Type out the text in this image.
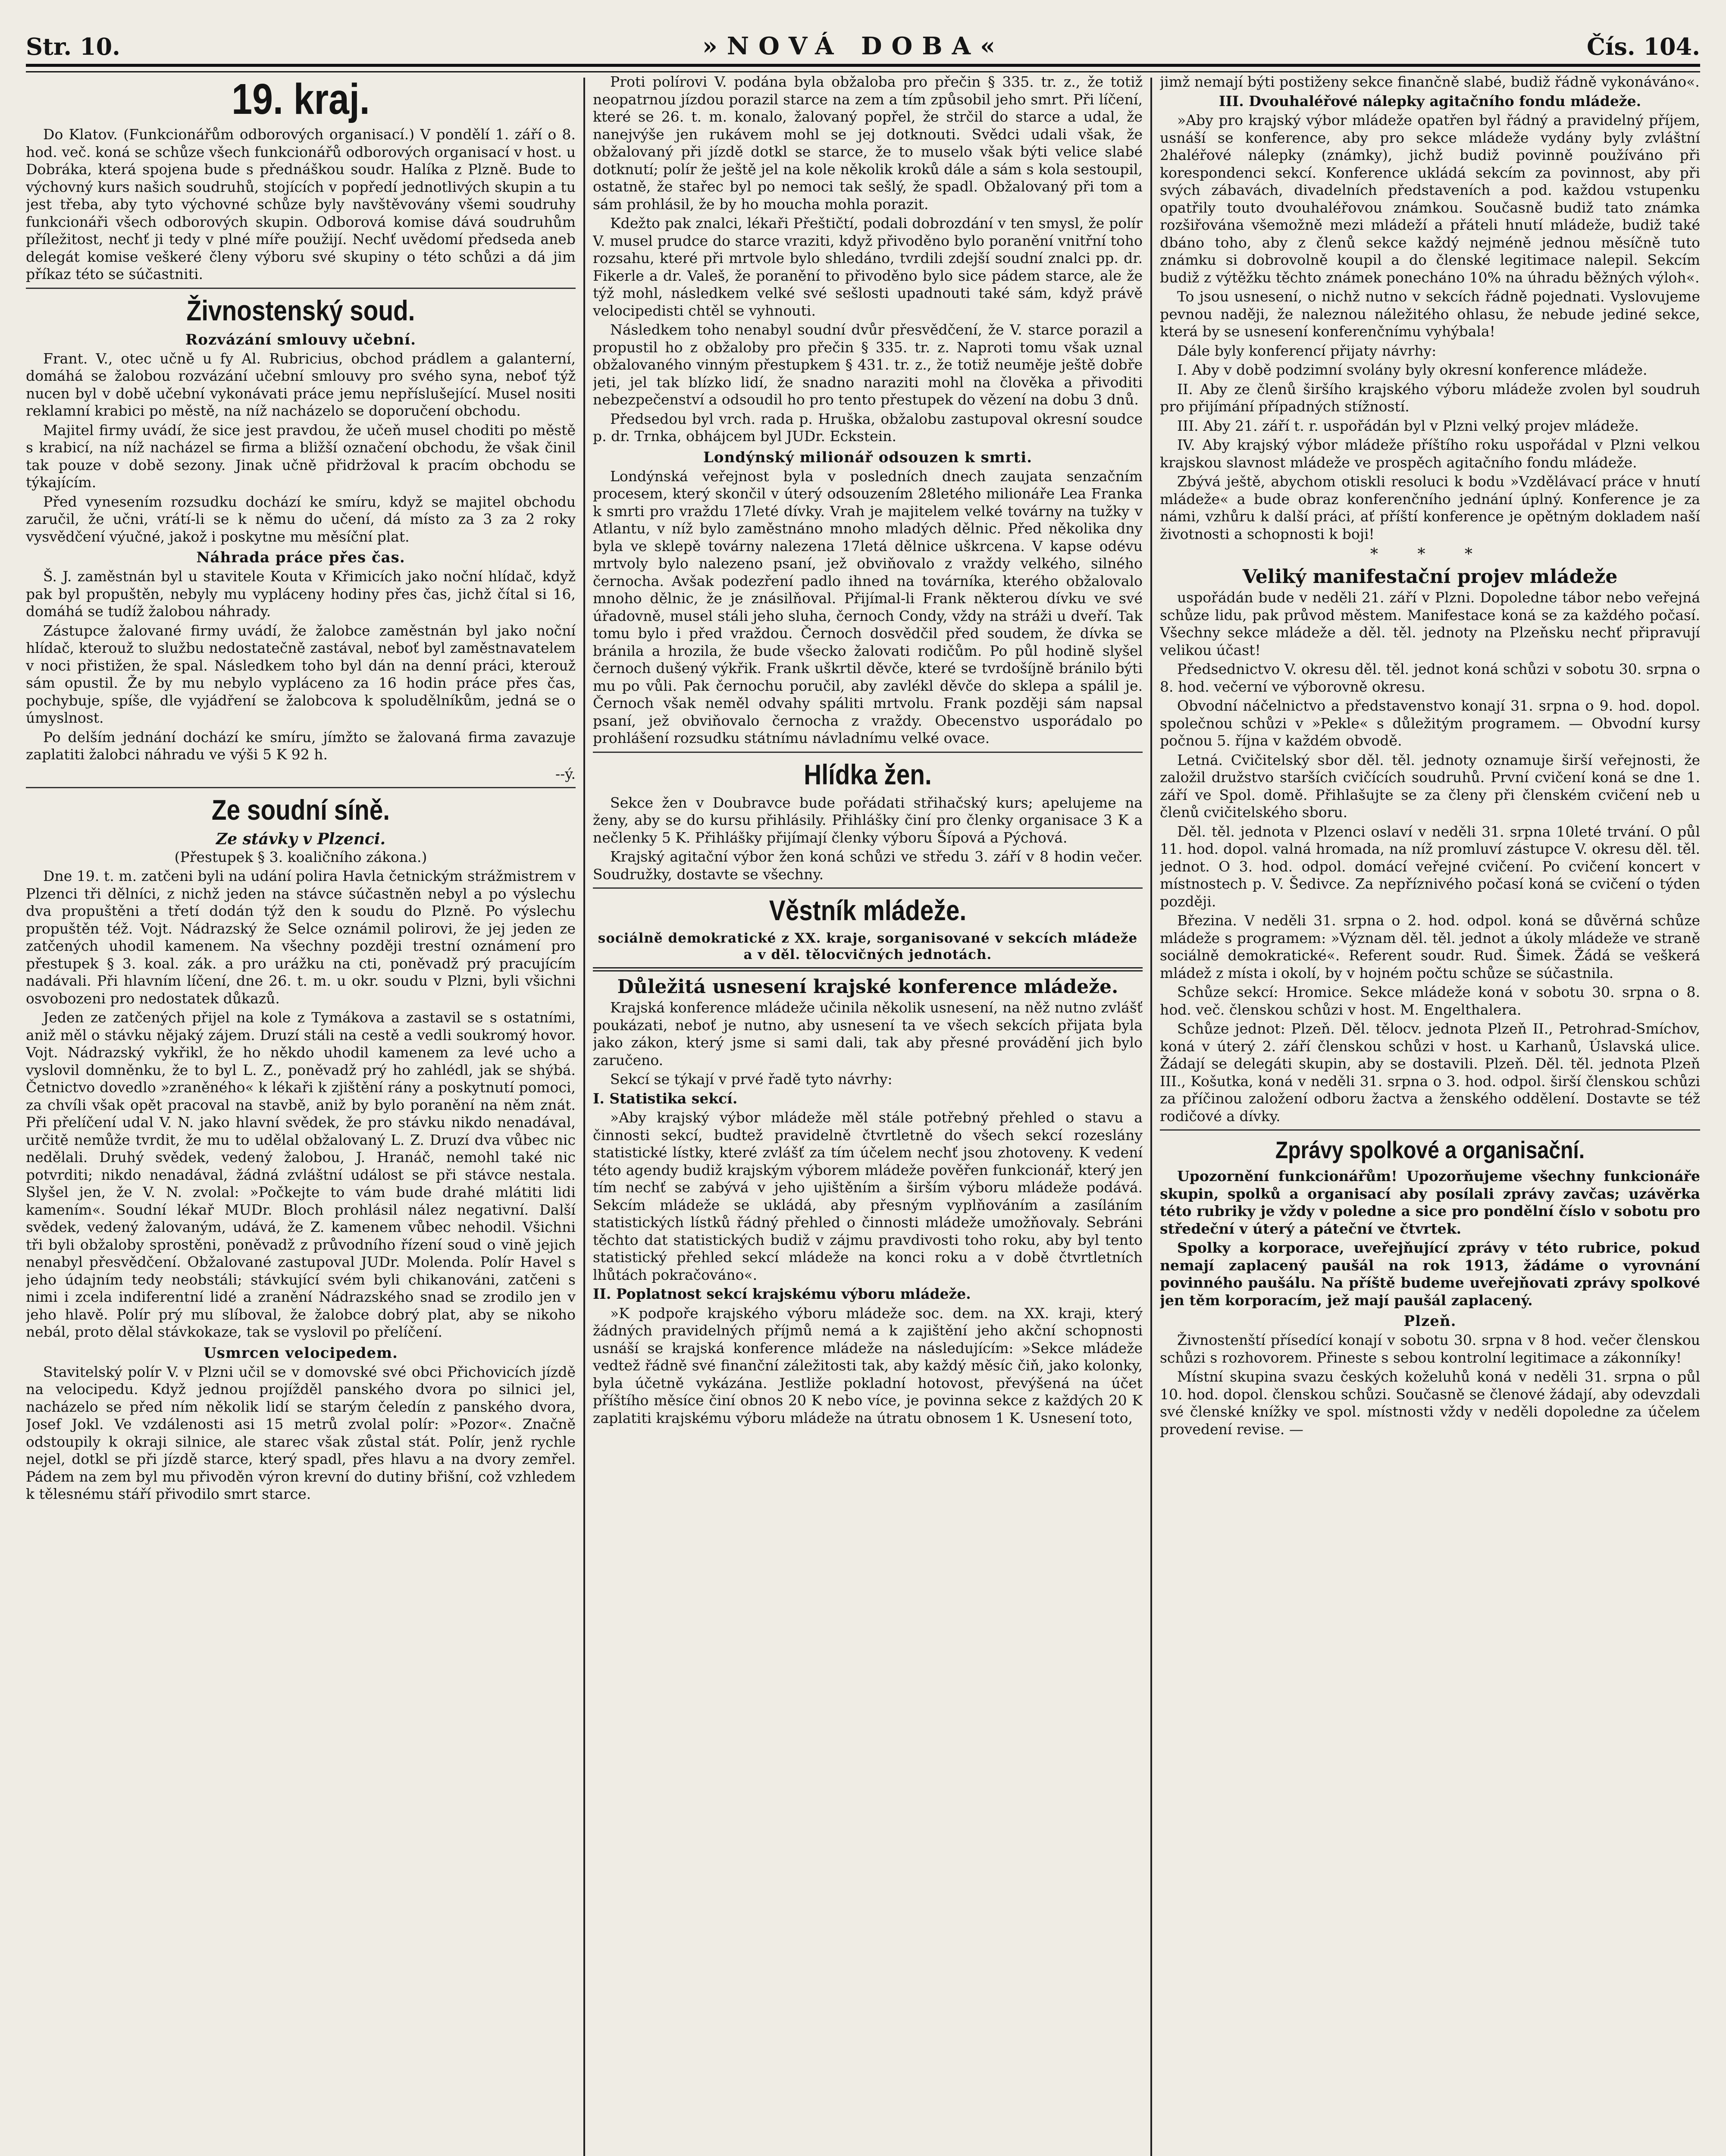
Str. 10.	»NOVÁ DOBA«	Čís. 104.
19. kraj.

Do Klatov. (Funkcionářům odborových organisací.) V pondělí 1. září o 8. hod. več. koná se schůze všech funkcionářů odborových organisací v host. u Dobráka, která spojena bude s přednáškou soudr. Halíka z Plzně. Bude to výchovný kurs našich soudruhů, stojících v popředí jednotlivých skupin a tu jest třeba, aby tyto výchovné schůze byly navštěvovány všemi soudruhy funkcionáři všech odborových skupin. Odborová komise dává soudruhům příležitost, nechť ji tedy v plné míře použijí. Nechť uvědomí předseda aneb delegát komise veškeré členy výboru své skupiny o této schůzi a dá jim příkaz této se súčastniti.

Živnostenský soud.
Rozvázání smlouvy učební.

Frant. V., otec učně u fy Al. Rubricius, obchod prádlem a galanterní, domáhá se žalobou rozvázání učební smlouvy pro svého syna, neboť týž nucen byl v době učební vykonávati práce jemu nepříslušející. Musel nositi reklamní krabici po městě, na níž nacházelo se doporučení obchodu.

Majitel firmy uvádí, že sice jest pravdou, že učeň musel choditi po městě s krabicí, na níž nacházel se firma a bližší označení obchodu, že však činil tak pouze v době sezony. Jinak učně přidržoval k pracím obchodu se týkajícím.

Před vynesením rozsudku dochází ke smíru, když se majitel obchodu zaručil, že učni, vrátí-li se k němu do učení, dá místo za 3 za 2 roky vysvědčení výučné, jakož i poskytne mu měsíční plat.

Náhrada práce přes čas.

Š. J. zaměstnán byl u stavitele Kouta v Křimicích jako noční hlídač, když pak byl propuštěn, nebyly mu vypláceny hodiny přes čas, jichž čítal si 16, domáhá se tudíž žalobou náhrady.

Zástupce žalované firmy uvádí, že žalobce zaměstnán byl jako noční hlídač, kterouž to službu nedostatečně zastával, neboť byl zaměstnavatelem v noci přistižen, že spal. Následkem toho byl dán na denní práci, kterouž sám opustil. Že by mu nebylo vypláceno za 16 hodin práce přes čas, pochybuje, spíše, dle vyjádření se žalobcova k spoludělníkům, jedná se o úmyslnost.

Po delším jednání dochází ke smíru, jímžto se žalovaná firma zavazuje zaplatiti žalobci náhradu ve výši 5 K 92 h.

--ý.

Ze soudní síně.
Ze stávky v Plzenci.
(Přestupek § 3. koaličního zákona.)

Dne 19. t. m. zatčeni byli na udání polira Havla četnickým strážmistrem v Plzenci tři dělníci, z nichž jeden na stávce súčastněn nebyl a po výslechu dva propuštěni a třetí dodán týž den k soudu do Plzně. Po výslechu propuštěn též. Vojt. Nádrazský že Selce oznámil polirovi, že jej jeden ze zatčených uhodil kamenem. Na všechny později trestní oznámení pro přestupek § 3. koal. zák. a pro urážku na cti, poněvadž prý pracujícím nadávali. Při hlavním líčení, dne 26. t. m. u okr. soudu v Plzni, byli všichni osvobozeni pro nedostatek důkazů.

Jeden ze zatčených přijel na kole z Tymákova a zastavil se s ostatními, aniž měl o stávku nějaký zájem. Druzí stáli na cestě a vedli soukromý hovor. Vojt. Nádrazský vykřikl, že ho někdo uhodil kamenem za levé ucho a vyslovil domněnku, že to byl L. Z., poněvadž prý ho zahlédl, jak se shýbá. Četnictvo dovedlo »zraněného« k lékaři k zjištění rány a poskytnutí pomoci, za chvíli však opět pracoval na stavbě, aniž by bylo poranění na něm znát. Při přelíčení udal V. N. jako hlavní svědek, že pro stávku nikdo nenadával, určitě nemůže tvrdit, že mu to udělal obžalovaný L. Z. Druzí dva vůbec nic nedělali. Druhý svědek, vedený žalobou, J. Hranáč, nemohl také nic potvrditi; nikdo nenadával, žádná zvláštní událost se při stávce nestala. Slyšel jen, že V. N. zvolal: »Počkejte to vám bude drahé mlátiti lidi kamením«. Soudní lékař MUDr. Bloch prohlásil nález negativní. Další svědek, vedený žalovaným, udává, že Z. kamenem vůbec nehodil. Všichni tři byli obžaloby sprostěni, poněvadž z průvodního řízení soud o vině jejich nenabyl přesvědčení. Obžalované zastupoval JUDr. Molenda. Polír Havel s jeho údajním tedy neobstáli; stávkující svém byli chikanováni, zatčeni s nimi i zcela indiferentní lidé a zranění Nádrazského snad se zrodilo jen v jeho hlavě. Polír prý mu slíboval, že žalobce dobrý plat, aby se nikoho nebál, proto dělal stávkokaze, tak se vyslovil po přelíčení.

Usmrcen velocipedem.

Stavitelský polír V. v Plzni učil se v domovské své obci Přichovicích jízdě na velocipedu. Když jednou projížděl panského dvora po silnici jel, nacházelo se před ním několik lidí se starým čeledín z panského dvora, Josef Jokl. Ve vzdálenosti asi 15 metrů zvolal polír: »Pozor«. Značně odstoupily k okraji silnice, ale starec však zůstal stát. Polír, jenž rychle nejel, dotkl se při jízdě starce, který spadl, přes hlavu a na dvory zemřel. Pádem na zem byl mu přivoděn výron krevní do dutiny břišní, což vzhledem k tělesnému stáří přivodilo smrt starce.

Proti polírovi V. podána byla obžaloba pro přečin § 335. tr. z., že totiž neopatrnou jízdou porazil starce na zem a tím způsobil jeho smrt. Při líčení, které se 26. t. m. konalo, žalovaný popřel, že strčil do starce a udal, že nanejvýše jen rukávem mohl se jej dotknouti. Svědci udali však, že obžalovaný při jízdě dotkl se starce, že to muselo však býti velice slabé dotknutí; polír že ještě jel na kole několik kroků dále a sám s kola sestoupil, ostatně, že stařec byl po nemoci tak sešlý, že spadl. Obžalovaný při tom a sám prohlásil, že by ho moucha mohla porazit.

Kdežto pak znalci, lékaři Přeštičtí, podali dobrozdání v ten smysl, že polír V. musel prudce do starce vraziti, když přivoděno bylo poranění vnitřní toho rozsahu, které při mrtvole bylo shledáno, tvrdili zdejší soudní znalci pp. dr. Fikerle a dr. Valeš, že poranění to přivoděno bylo sice pádem starce, ale že týž mohl, následkem velké své sešlosti upadnouti také sám, když právě velocipedisti chtěl se vyhnouti.

Následkem toho nenabyl soudní dvůr přesvědčení, že V. starce porazil a propustil ho z obžaloby pro přečin § 335. tr. z. Naproti tomu však uznal obžalovaného vinným přestupkem § 431. tr. z., že totiž neuměje ještě dobře jeti, jel tak blízko lidí, že snadno naraziti mohl na člověka a přivoditi nebezpečenství a odsoudil ho pro tento přestupek do vězení na dobu 3 dnů.

Předsedou byl vrch. rada p. Hruška, obžalobu zastupoval okresní soudce p. dr. Trnka, obhájcem byl JUDr. Eckstein.

Londýnský milionář odsouzen k smrti.

Londýnská veřejnost byla v posledních dnech zaujata senzačním procesem, který skončil v úterý odsouzením 28letého milionáře Lea Franka k smrti pro vraždu 17leté dívky. Vrah je majitelem velké továrny na tužky v Atlantu, v níž bylo zaměstnáno mnoho mladých dělnic. Před několika dny byla ve sklepě továrny nalezena 17letá dělnice uškrcena. V kapse odévu mrtvoly bylo nalezeno psaní, jež obviňovalo z vraždy velkého, silného černocha. Avšak podezření padlo ihned na továrníka, kterého obžalovalo mnoho dělnic, že je znásilňoval. Přijímal-li Frank některou dívku ve své úřadovně, musel stáli jeho sluha, černoch Condy, vždy na stráži u dveří. Tak tomu bylo i před vraždou. Černoch dosvědčil před soudem, že dívka se bránila a hrozila, že bude všecko žalovati rodičům. Po půl hodině slyšel černoch dušený výkřik. Frank uškrtil děvče, které se tvrdošíjně bránilo býti mu po vůli. Pak černochu poručil, aby zavlékl děvče do sklepa a spálil je. Černoch však neměl odvahy spáliti mrtvolu. Frank později sám napsal psaní, jež obviňovalo černocha z vraždy. Obecenstvo usporádalo po prohlášení rozsudku státnímu návladnímu velké ovace.

Hlídka žen.

Sekce žen v Doubravce bude pořádati střihačský kurs; apelujeme na ženy, aby se do kursu přihlásily. Přihlášky činí pro členky organisace 3 K a nečlenky 5 K. Přihlášky přijímají členky výboru Šípová a Pýchová.

Krajský agitační výbor žen koná schůzi ve středu 3. září v 8 hodin večer. Soudružky, dostavte se všechny.

Věstník mládeže.
sociálně demokratické z XX. kraje, sorganisované v sekcích mládeže a v děl. tělocvičných jednotách.
Důležitá usnesení krajské konference mládeže.

Krajská konference mládeže učinila několik usnesení, na něž nutno zvlášť poukázati, neboť je nutno, aby usnesení ta ve všech sekcích přijata byla jako zákon, který jsme si sami dali, tak aby přesné provádění jich bylo zaručeno.

Sekcí se týkají v prvé řadě tyto návrhy:

I. Statistika sekcí.

»Aby krajský výbor mládeže měl stále potřebný přehled o stavu a činnosti sekcí, budtež pravidelně čtvrtletně do všech sekcí rozeslány statistické lístky, které zvlášť za tím účelem nechť jsou zhotoveny. K vedení této agendy budiž krajským výborem mládeže pověřen funkcionář, který jen tím nechť se zabývá v jeho ujištěním a širším výboru mládeže podává. Sekcím mládeže se ukládá, aby přesným vyplňováním a zasíláním statistických lístků řádný přehled o činnosti mládeže umožňovaly. Sebráni těchto dat statistických budiž v zájmu pravdivosti toho roku, aby byl tento statistický přehled sekcí mládeže na konci roku a v době čtvrtletních lhůtách pokračováno«.

II. Poplatnost sekcí krajskému výboru mládeže.

»K podpoře krajského výboru mládeže soc. dem. na XX. kraji, který žádných pravidelných příjmů nemá a k zajištění jeho akční schopnosti usnáší se krajská konference mládeže na následujícím: »Sekce mládeže vedtež řádně své finanční záležitosti tak, aby každý měsíc čiň, jako kolonky, byla účetně vykázána. Jestliže pokladní hotovost, převýšená na účet příštího měsíce činí obnos 20 K nebo více, je povinna sekce z každých 20 K zaplatiti krajskému výboru mládeže na útratu obnosem 1 K. Usnesení toto,

jimž nemají býti postiženy sekce finančně slabé, budiž řádně vykonáváno«.

III. Dvouhaléřové nálepky agitačního fondu mládeže.

»Aby pro krajský výbor mládeže opatřen byl řádný a pravidelný příjem, usnáší se konference, aby pro sekce mládeže vydány byly zvláštní 2haléřové nálepky (známky), jichž budiž povinně používáno při korespondenci sekcí. Konference ukládá sekcím za povinnost, aby při svých zábavách, divadelních představeních a pod. každou vstupenku opatřily touto dvouhaléřovou známkou. Současně budiž tato známka rozšiřována všemožně mezi mládeží a přáteli hnutí mládeže, budiž také dbáno toho, aby z členů sekce každý nejméně jednou měsíčně tuto známku si dobrovolně koupil a do členské legitimace nalepil. Sekcím budiž z výtěžku těchto známek ponecháno 10% na úhradu běžných výloh«.

To jsou usnesení, o nichž nutno v sekcích řádně pojednati. Vyslovujeme pevnou naději, že naleznou náležitého ohlasu, že nebude jediné sekce, která by se usnesení konferenčnímu vyhýbala!

Dále byly konferencí přijaty návrhy:

I. Aby v době podzimní svolány byly okresní konference mládeže.

II. Aby ze členů širšího krajského výboru mládeže zvolen byl soudruh pro přijímání případných stížností.

III. Aby 21. září t. r. uspořádán byl v Plzni velký projev mládeže.

IV. Aby krajský výbor mládeže příštího roku uspořádal v Plzni velkou krajskou slavnost mládeže ve prospěch agitačního fondu mládeže.

Zbývá ještě, abychom otiskli resoluci k bodu »Vzdělávací práce v hnutí mládeže« a bude obraz konferenčního jednání úplný. Konference je za námi, vzhůru k další práci, ať příští konference je opětným dokladem naší životnosti a schopnosti k boji!

* * *
Veliký manifestační projev mládeže

uspořádán bude v neděli 21. září v Plzni. Dopoledne tábor nebo veřejná schůze lidu, pak průvod městem. Manifestace koná se za každého počasí. Všechny sekce mládeže a děl. těl. jednoty na Plzeňsku nechť připravují velikou účast!

Předsednictvo V. okresu děl. těl. jednot koná schůzi v sobotu 30. srpna o 8. hod. večerní ve výborovně okresu.

Obvodní náčelnictvo a představenstvo konají 31. srpna o 9. hod. dopol. společnou schůzi v »Pekle« s důležitým programem. — Obvodní kursy počnou 5. října v každém obvodě.

Letná. Cvičitelský sbor děl. těl. jednoty oznamuje širší veřejnosti, že založil družstvo starších cvičících soudruhů. První cvičení koná se dne 1. září ve Spol. domě. Přihlašujte se za členy při členském cvičení neb u členů cvičitelského sboru.

Děl. těl. jednota v Plzenci oslaví v neděli 31. srpna 10leté trvání. O půl 11. hod. dopol. valná hromada, na níž promluví zástupce V. okresu děl. těl. jednot. O 3. hod. odpol. domácí veřejné cvičení. Po cvičení koncert v místnostech p. V. Šedivce. Za nepříznivého počasí koná se cvičení o týden později.

Březina. V neděli 31. srpna o 2. hod. odpol. koná se důvěrná schůze mládeže s programem: »Význam děl. těl. jednot a úkoly mládeže ve straně sociálně demokratické«. Referent soudr. Rud. Šimek. Žádá se veškerá mládež z místa i okolí, by v hojném počtu schůze se súčastnila.

Schůze sekcí: Hromice. Sekce mládeže koná v sobotu 30. srpna o 8. hod. več. členskou schůzi v host. M. Engelthalera.

Schůze jednot: Plzeň. Děl. tělocv. jednota Plzeň II., Petrohrad-Smíchov, koná v úterý 2. září členskou schůzi v host. u Karhanů, Úslavská ulice. Žádají se delegáti skupin, aby se dostavili. Plzeň. Děl. těl. jednota Plzeň III., Košutka, koná v neděli 31. srpna o 3. hod. odpol. širší členskou schůzi za příčinou založení odboru žactva a ženského oddělení. Dostavte se též rodičové a dívky.

Zprávy spolkové a organisační.

Upozornění funkcionářům! Upozorňujeme všechny funkcionáře skupin, spolků a organisací aby posílali zprávy zavčas; uzávěrka této rubriky je vždy v poledne a sice pro pondělní číslo v sobotu pro středeční v úterý a páteční ve čtvrtek.

Spolky a korporace, uveřejňující zprávy v této rubrice, pokud nemají zaplacený paušál na rok 1913, žádáme o vyrovnání povinného paušálu. Na příště budeme uveřejňovati zprávy spolkové jen těm korporacím, jež mají paušál zaplacený.

Plzeň.

Živnostenští přísedící konají v sobotu 30. srpna v 8 hod. večer členskou schůzi s rozhovorem. Přineste s sebou kontrolní legitimace a zákonníky!

Místní skupina svazu českých koželuhů koná v neděli 31. srpna o půl 10. hod. dopol. členskou schůzi. Současně se členové žádají, aby odevzdali své členské knížky ve spol. místnosti vždy v neděli dopoledne za účelem provedení revise. —
